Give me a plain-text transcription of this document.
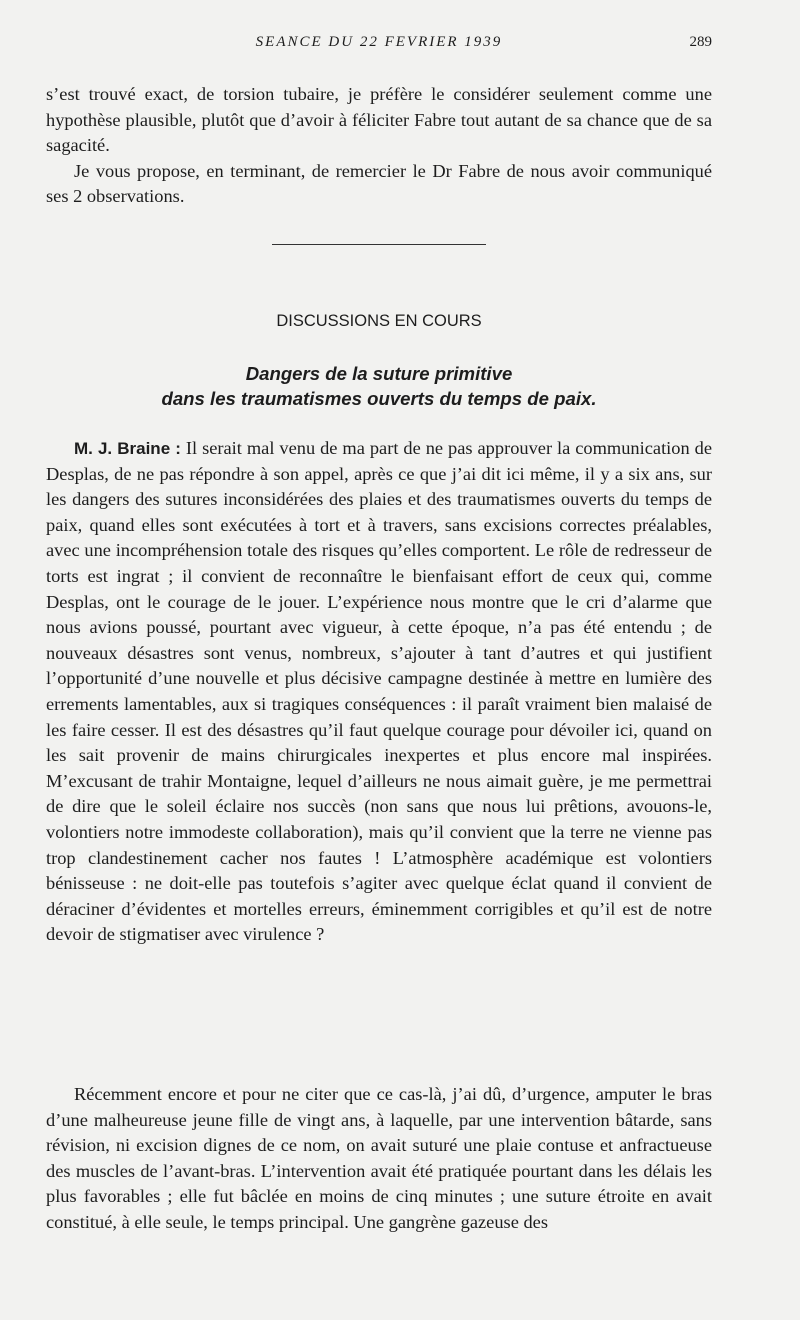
SEANCE DU 22 FEVRIER 1939	289

s’est trouvé exact, de torsion tubaire, je préfère le considérer seulement comme une hypothèse plausible, plutôt que d’avoir à féliciter Fabre tout autant de sa chance que de sa sagacité.

Je vous propose, en terminant, de remercier le Dr Fabre de nous avoir communiqué ses 2 observations.

DISCUSSIONS EN COURS
Dangers de la suture primitive
dans les traumatismes ouverts du temps de paix.

M. J. Braine : Il serait mal venu de ma part de ne pas approuver la communication de Desplas, de ne pas répondre à son appel, après ce que j’ai dit ici même, il y a six ans, sur les dangers des sutures inconsidérées des plaies et des traumatismes ouverts du temps de paix, quand elles sont exécutées à tort et à travers, sans excisions correctes préalables, avec une incompréhension totale des risques qu’elles comportent. Le rôle de redresseur de torts est ingrat ; il convient de reconnaître le bienfaisant effort de ceux qui, comme Desplas, ont le courage de le jouer. L’expérience nous montre que le cri d’alarme que nous avions poussé, pourtant avec vigueur, à cette époque, n’a pas été entendu ; de nouveaux désastres sont venus, nombreux, s’ajouter à tant d’autres et qui justifient l’opportunité d’une nouvelle et plus décisive campagne destinée à mettre en lumière des errements lamentables, aux si tragiques conséquences : il paraît vraiment bien malaisé de les faire cesser. Il est des désastres qu’il faut quelque courage pour dévoiler ici, quand on les sait provenir de mains chirurgicales inexpertes et plus encore mal inspirées. M’excusant de trahir Montaigne, lequel d’ailleurs ne nous aimait guère, je me permettrai de dire que le soleil éclaire nos succès (non sans que nous lui prêtions, avouons-le, volontiers notre immodeste collaboration), mais qu’il convient que la terre ne vienne pas trop clandestinement cacher nos fautes ! L’atmosphère académique est volontiers bénisseuse : ne doit-elle pas toutefois s’agiter avec quelque éclat quand il convient de déraciner d’évidentes et mortelles erreurs, éminemment corrigibles et qu’il est de notre devoir de stigmatiser avec virulence ?

Récemment encore et pour ne citer que ce cas-là, j’ai dû, d’urgence, amputer le bras d’une malheureuse jeune fille de vingt ans, à laquelle, par une intervention bâtarde, sans révision, ni excision dignes de ce nom, on avait suturé une plaie contuse et anfractueuse des muscles de l’avant-bras. L’intervention avait été pratiquée pourtant dans les délais les plus favorables ; elle fut bâclée en moins de cinq minutes ; une suture étroite en avait constitué, à elle seule, le temps principal. Une gangrène gazeuse des
